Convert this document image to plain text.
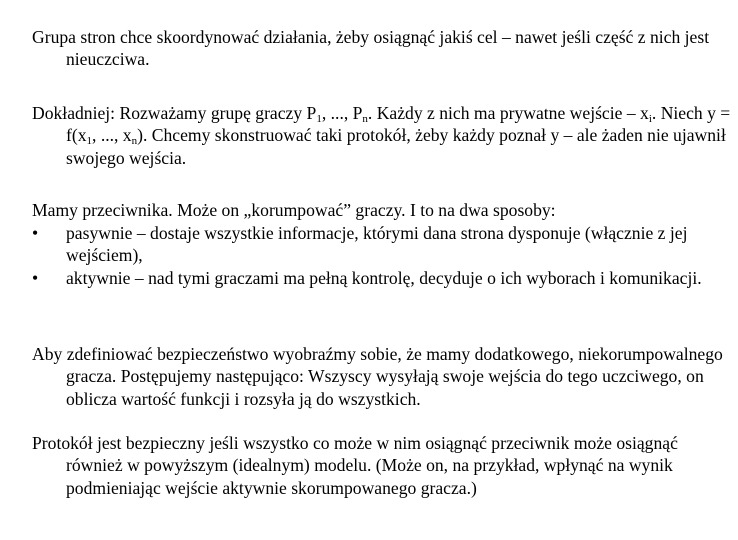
Grupa stron chce skoordynować działania, żeby osiągnąć jakiś cel – nawet jeśli część z nich jest nieuczciwa.

Dokładniej: Rozważamy grupę graczy $P_1$, ..., $P_n$. Każdy z nich ma prywatne wejście – $x_i$. Niech $y = f(x_1$, ..., $x_n$). Chcemy skonstruować taki protokół, żeby każdy poznał y – ale żaden nie ujawnił swojego wejścia.

Mamy przeciwnika. Może on „korumpować” graczy. I to na dwa sposoby:

• pasywnie – dostaje wszystkie informacje, którymi dana strona dysponuje (włącznie z jej wejściem),
• aktywnie – nad tymi graczami ma pełną kontrolę, decyduje o ich wyborach i komunikacji.

Aby zdefiniować bezpieczeństwo wyobraźmy sobie, że mamy dodatkowego, niekorumpowalnego gracza. Postępujemy następująco: Wszyscy wysyłają swoje wejścia do tego uczciwego, on oblicza wartość funkcji i rozsyła ją do wszystkich.

Protokół jest bezpieczny jeśli wszystko co może w nim osiągnąć przeciwnik może osiągnąć również w powyższym (idealnym) modelu. (Może on, na przykład, wpłynąć na wynik podmieniając wejście aktywnie skorumpowanego gracza.)
